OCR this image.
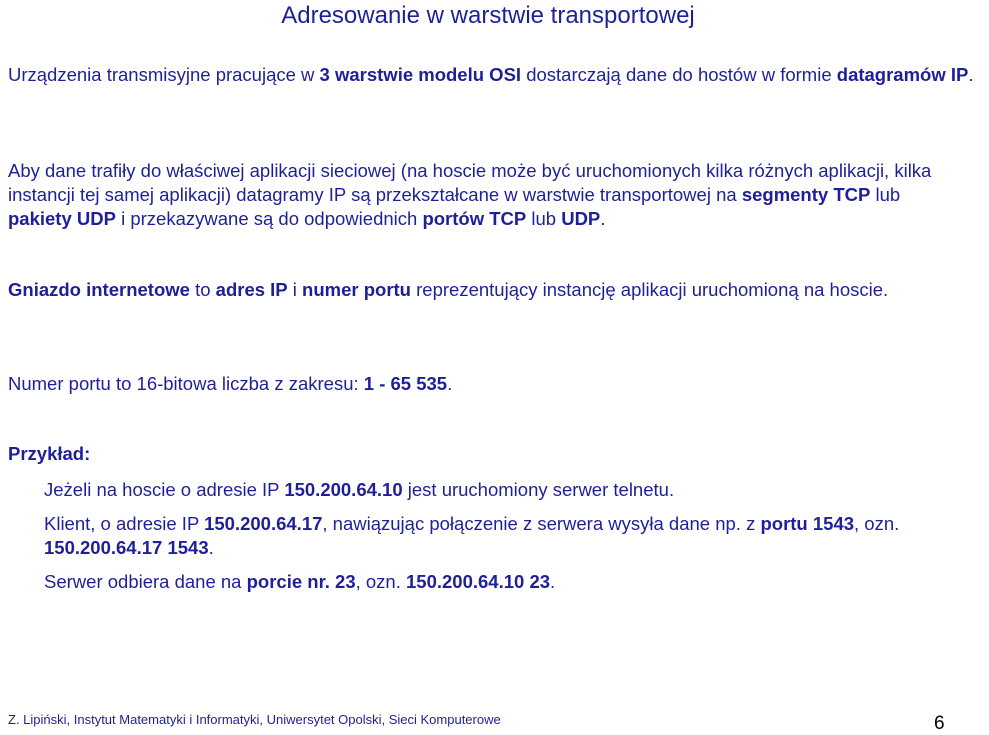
Adresowanie w warstwie transportowej
Urządzenia transmisyjne pracujące w 3 warstwie modelu OSI dostarczają dane do hostów w formie datagramów IP.
Aby dane trafiły do właściwej aplikacji sieciowej (na hoscie może być uruchomionych kilka różnych aplikacji, kilka instancji tej samej aplikacji) datagramy IP są przekształcane w warstwie transportowej na segmenty TCP lub pakiety UDP i przekazywane są do odpowiednich portów TCP lub UDP.
Gniazdo internetowe to adres IP i numer portu reprezentujący instancję aplikacji uruchomioną na hoscie.
Numer portu to 16-bitowa liczba z zakresu: 1 - 65 535.
Przykład:
Jeżeli na hoscie o adresie IP 150.200.64.10 jest uruchomiony serwer telnetu.
Klient, o adresie IP 150.200.64.17, nawiązując połączenie z serwera wysyła dane np. z portu 1543, ozn. 150.200.64.17 1543.
Serwer odbiera dane na porcie nr. 23, ozn. 150.200.64.10 23.
Z. Lipiński, Instytut Matematyki i Informatyki, Uniwersytet Opolski, Sieci Komputerowe	6
